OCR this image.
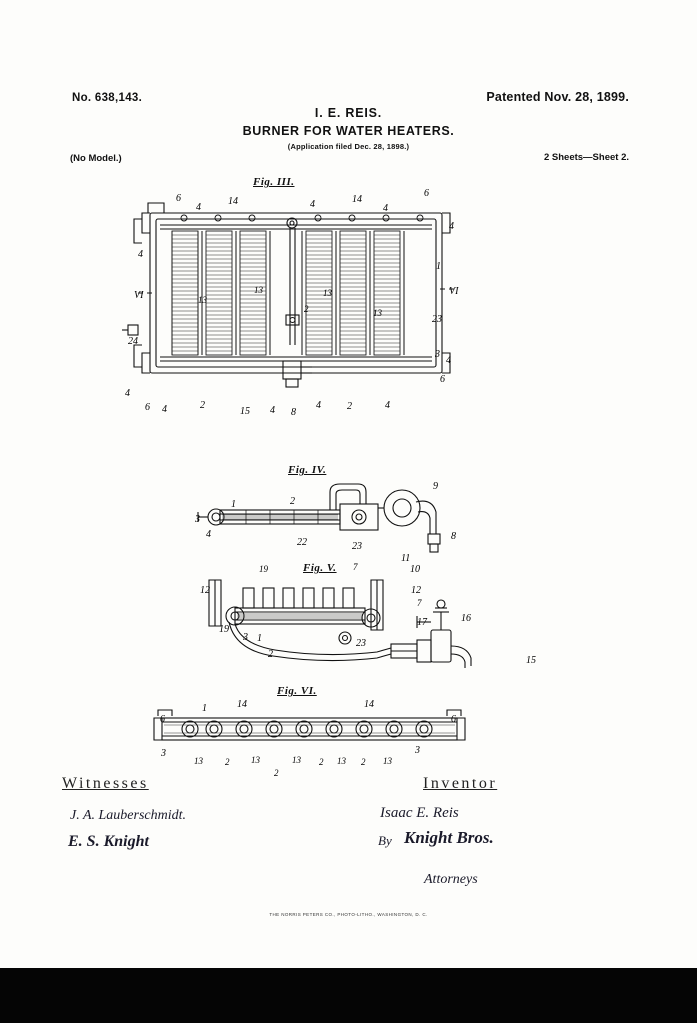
No. 638,143.	Patented Nov. 28, 1899.
I. E. REIS.
BURNER FOR WATER HEATERS.
(Application filed Dec. 28, 1898.)
(No Model.)	2 Sheets—Sheet 2.
Fig. III.
6
4
14	4	14
4
6
4
4
1
VI	VI
13
13	13
13
2
23
24
3
4
6
4
6 4	2
15 4 8
4	2	4
Fig. IV.
1	2
9
3
4
22	23
8
11
Fig. V.
19	7	10
12
12
7
17	16
19
3 1	23
2
15
Fig. VI.
1	14	14
6	6
3	3
13 2 13	13 2 13 2 13
2
Witnesses
J. A. Lauberschmidt.
E. S. Knight
Inventor
Isaac E. Reis
By Knight Bros.
Attorneys
THE NORRIS PETERS CO., PHOTO-LITHO., WASHINGTON, D. C.
